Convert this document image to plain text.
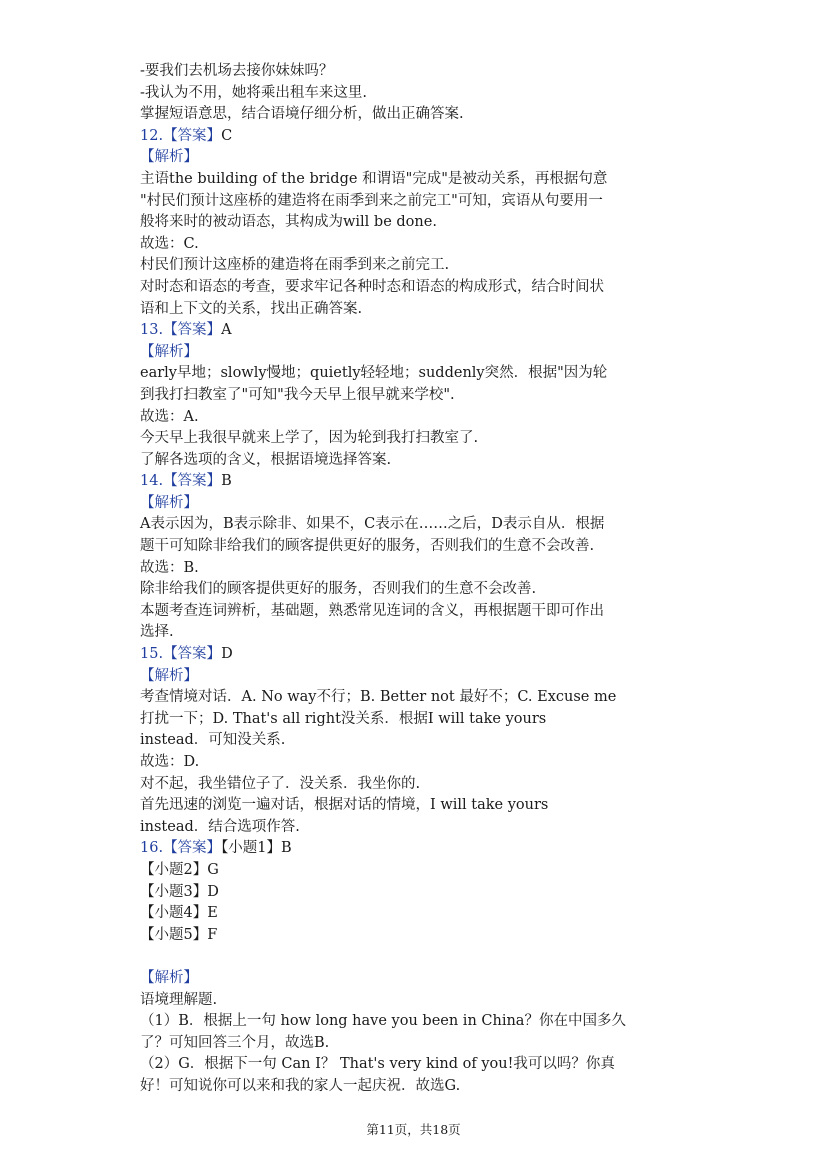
-要我们去机场去接你妹妹吗？

-我认为不用，她将乘出租车来这里.

掌握短语意思，结合语境仔细分析，做出正确答案.

12.【答案】C

【解析】

主语the building of the bridge 和谓语"完成"是被动关系，再根据句意

"村民们预计这座桥的建造将在雨季到来之前完工"可知，宾语从句要用一

般将来时的被动语态，其构成为will be done.

故选：C.

村民们预计这座桥的建造将在雨季到来之前完工.

对时态和语态的考查，要求牢记各种时态和语态的构成形式，结合时间状

语和上下文的关系，找出正确答案.

13.【答案】A

【解析】

early早地；slowly慢地；quietly轻轻地；suddenly突然．根据"因为轮

到我打扫教室了"可知"我今天早上很早就来学校".

故选：A.

今天早上我很早就来上学了，因为轮到我打扫教室了.

了解各选项的含义，根据语境选择答案.

14.【答案】B

【解析】

A表示因为，B表示除非、如果不，C表示在……之后，D表示自从．根据

题干可知除非给我们的顾客提供更好的服务，否则我们的生意不会改善.

故选：B.

除非给我们的顾客提供更好的服务，否则我们的生意不会改善.

本题考查连词辨析，基础题，熟悉常见连词的含义，再根据题干即可作出

选择.

15.【答案】D

【解析】

考查情境对话．A. No way不行；B. Better not 最好不；C. Excuse me

打扰一下；D. That's all right没关系．根据I will take yours

instead．可知没关系.

故选：D.

对不起，我坐错位子了．没关系．我坐你的.

首先迅速的浏览一遍对话，根据对话的情境，I will take yours

instead．结合选项作答.

16.【答案】【小题1】B

【小题2】G

【小题3】D

【小题4】E

【小题5】F

【解析】

语境理解题.

（1）B．根据上一句 how long have you been in China？你在中国多久

了？可知回答三个月，故选B.

（2）G．根据下一句 Can I？ That's very kind of you!我可以吗？你真

好！可知说你可以来和我的家人一起庆祝．故选G.

第11页，共18页
